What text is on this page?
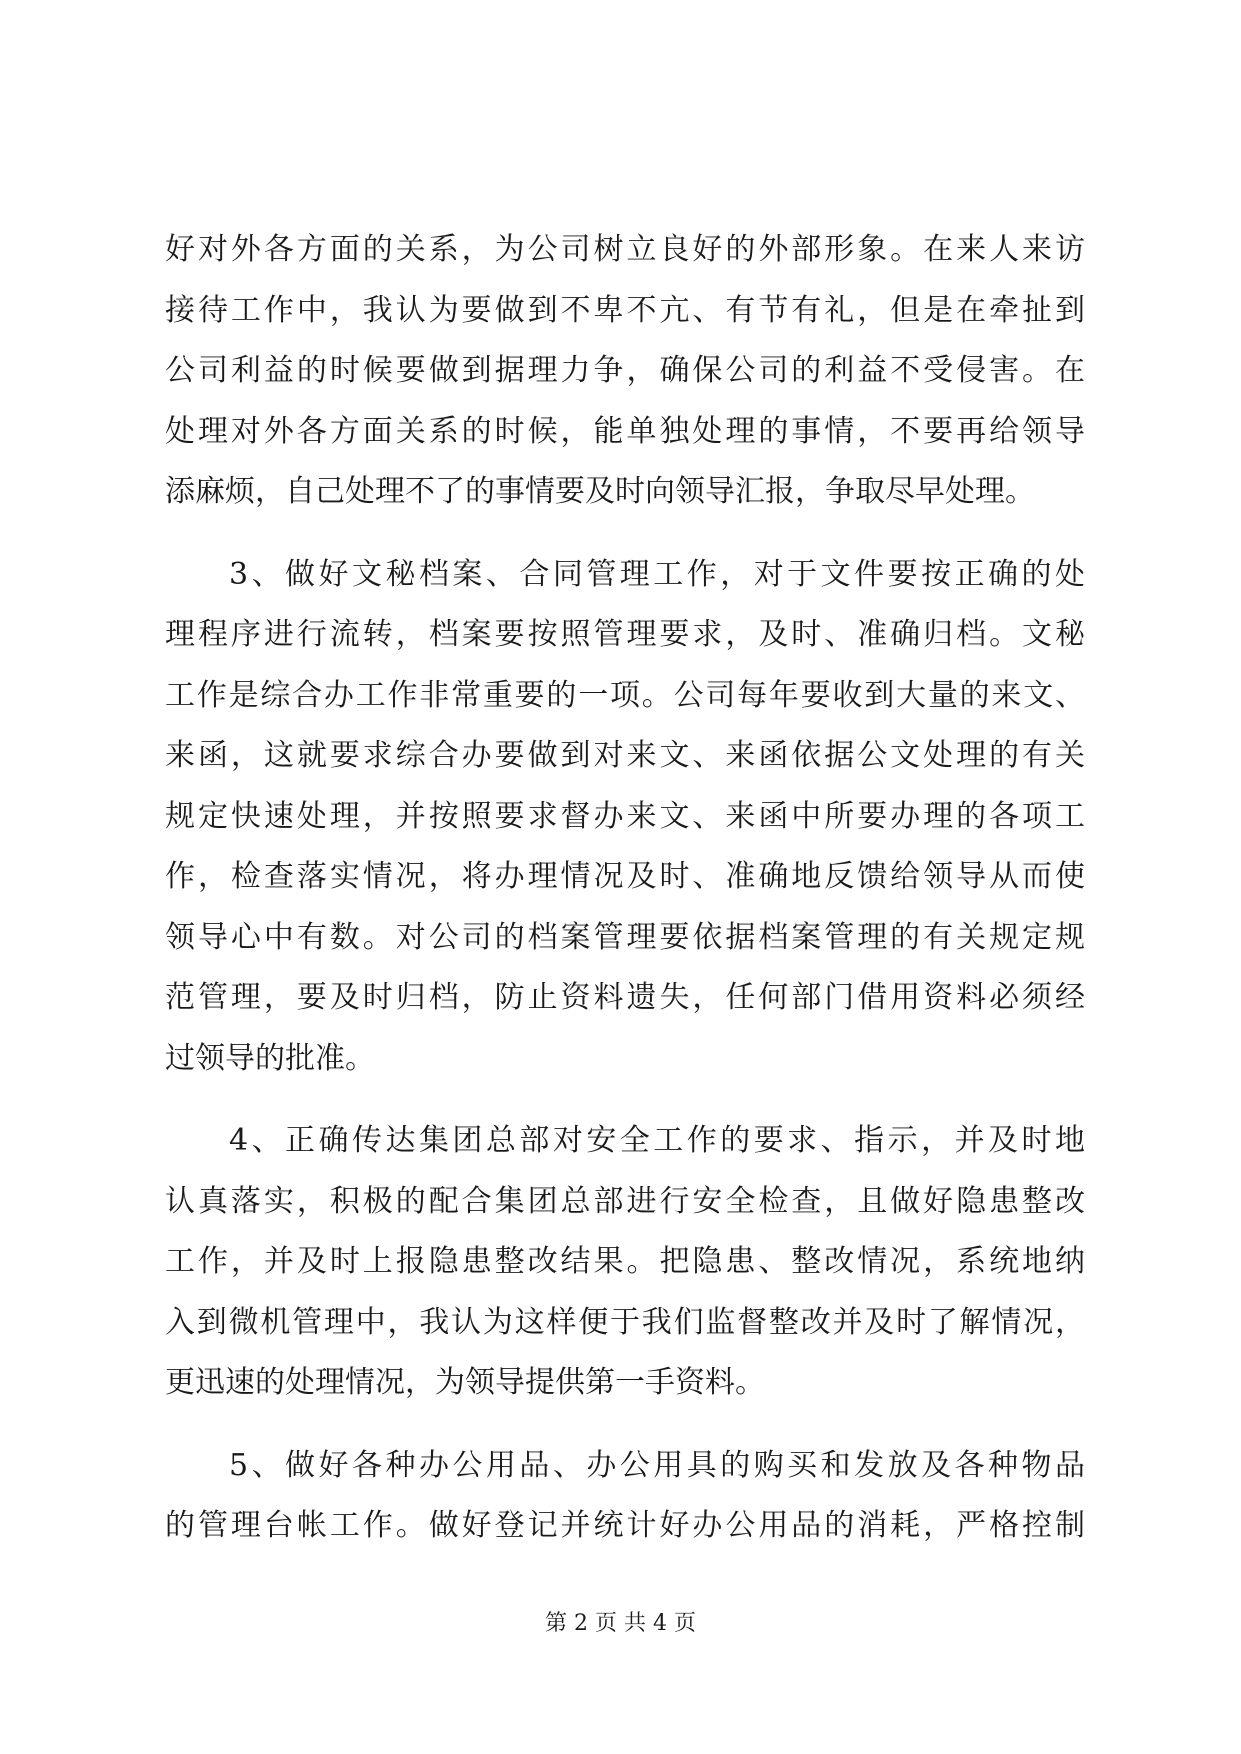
好对外各方面的关系，为公司树立良好的外部形象。在来人来访
接待工作中，我认为要做到不卑不亢、有节有礼，但是在牵扯到
公司利益的时候要做到据理力争，确保公司的利益不受侵害。在
处理对外各方面关系的时候，能单独处理的事情，不要再给领导
添麻烦，自己处理不了的事情要及时向领导汇报，争取尽早处理。
3、做好文秘档案、合同管理工作，对于文件要按正确的处
理程序进行流转，档案要按照管理要求，及时、准确归档。文秘
工作是综合办工作非常重要的一项。公司每年要收到大量的来文、
来函，这就要求综合办要做到对来文、来函依据公文处理的有关
规定快速处理，并按照要求督办来文、来函中所要办理的各项工
作，检查落实情况，将办理情况及时、准确地反馈给领导从而使
领导心中有数。对公司的档案管理要依据档案管理的有关规定规
范管理，要及时归档，防止资料遗失，任何部门借用资料必须经
过领导的批准。
4、正确传达集团总部对安全工作的要求、指示，并及时地
认真落实，积极的配合集团总部进行安全检查，且做好隐患整改
工作，并及时上报隐患整改结果。把隐患、整改情况，系统地纳
入到微机管理中，我认为这样便于我们监督整改并及时了解情况，
更迅速的处理情况，为领导提供第一手资料。
5、做好各种办公用品、办公用具的购买和发放及各种物品
的管理台帐工作。做好登记并统计好办公用品的消耗，严格控制
第 2 页 共 4 页
